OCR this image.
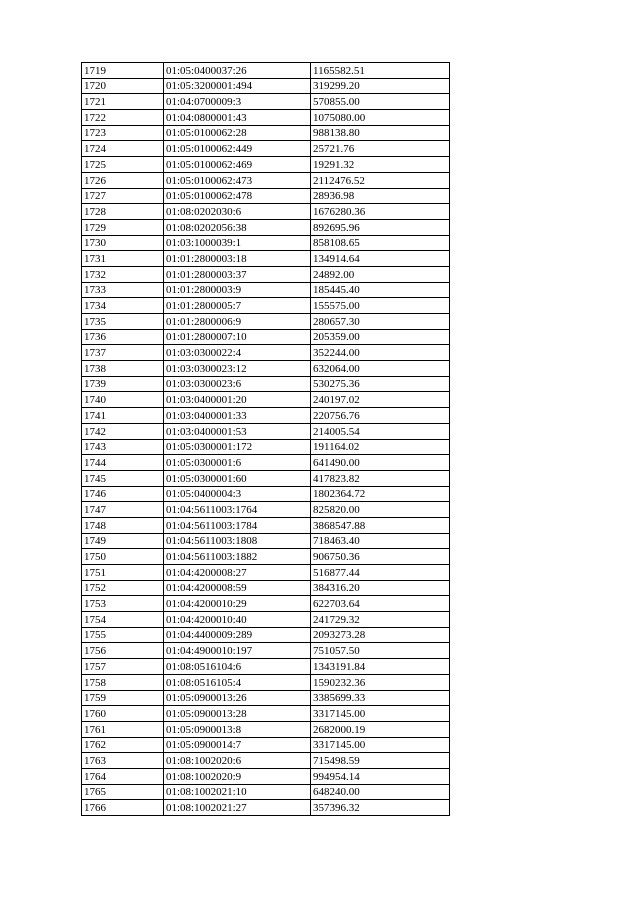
1719	01:05:0400037:26	1165582.51
1720	01:05:3200001:494	319299.20
1721	01:04:0700009:3	570855.00
1722	01:04:0800001:43	1075080.00
1723	01:05:0100062:28	988138.80
1724	01:05:0100062:449	25721.76
1725	01:05:0100062:469	19291.32
1726	01:05:0100062:473	2112476.52
1727	01:05:0100062:478	28936.98
1728	01:08:0202030:6	1676280.36
1729	01:08:0202056:38	892695.96
1730	01:03:1000039:1	858108.65
1731	01:01:2800003:18	134914.64
1732	01:01:2800003:37	24892.00
1733	01:01:2800003:9	185445.40
1734	01:01:2800005:7	155575.00
1735	01:01:2800006:9	280657.30
1736	01:01:2800007:10	205359.00
1737	01:03:0300022:4	352244.00
1738	01:03:0300023:12	632064.00
1739	01:03:0300023:6	530275.36
1740	01:03:0400001:20	240197.02
1741	01:03:0400001:33	220756.76
1742	01:03:0400001:53	214005.54
1743	01:05:0300001:172	191164.02
1744	01:05:0300001:6	641490.00
1745	01:05:0300001:60	417823.82
1746	01:05:0400004:3	1802364.72
1747	01:04:5611003:1764	825820.00
1748	01:04:5611003:1784	3868547.88
1749	01:04:5611003:1808	718463.40
1750	01:04:5611003:1882	906750.36
1751	01:04:4200008:27	516877.44
1752	01:04:4200008:59	384316.20
1753	01:04:4200010:29	622703.64
1754	01:04:4200010:40	241729.32
1755	01:04:4400009:289	2093273.28
1756	01:04:4900010:197	751057.50
1757	01:08:0516104:6	1343191.84
1758	01:08:0516105:4	1590232.36
1759	01:05:0900013:26	3385699.33
1760	01:05:0900013:28	3317145.00
1761	01:05:0900013:8	2682000.19
1762	01:05:0900014:7	3317145.00
1763	01:08:1002020:6	715498.59
1764	01:08:1002020:9	994954.14
1765	01:08:1002021:10	648240.00
1766	01:08:1002021:27	357396.32
